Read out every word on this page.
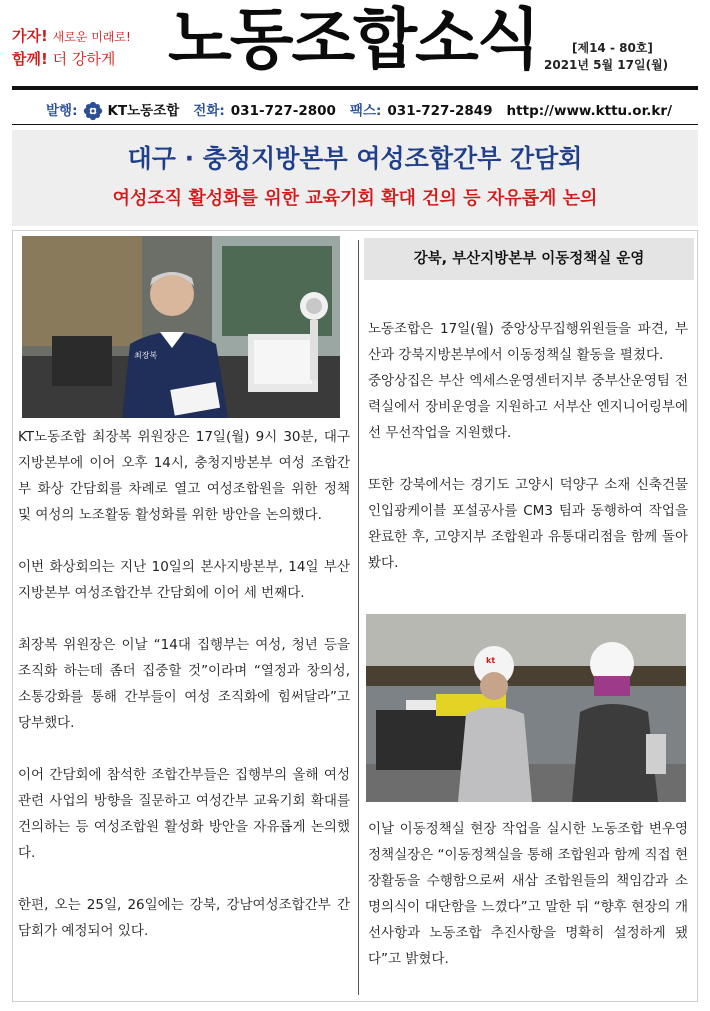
가자! 새로운 미래로!
함께! 더 강하게 노동조합소식	[제14 - 80호]
2021년 5월 17일(월)
발행: KT노동조합 전화: 031-727-2800 팩스: 031-727-2849 http://www.kttu.or.kr/
대구 · 충청지방본부 여성조합간부 간담회
여성조직 활성화를 위한 교육기회 확대 건의 등 자유롭게 논의
최장복

KT노동조합 최장복 위원장은 17일(월) 9시 30분, 대구지방본부에 이어 오후 14시, 충청지방본부 여성 조합간부 화상 간담회를 차례로 열고 여성조합원을 위한 정책 및 여성의 노조활동 활성화를 위한 방안을 논의했다.

이번 화상회의는 지난 10일의 본사지방본부, 14일 부산지방본부 여성조합간부 간담회에 이어 세 번째다.

최장복 위원장은 이날 “14대 집행부는 여성, 청년 등을 조직화 하는데 좀더 집중할 것”이라며 “열정과 창의성, 소통강화를 통해 간부들이 여성 조직화에 힘써달라”고 당부했다.

이어 간담회에 참석한 조합간부들은 집행부의 올해 여성 관련 사업의 방향을 질문하고 여성간부 교육기회 확대를 건의하는 등 여성조합원 활성화 방안을 자유롭게 논의했다.

한편, 오는 25일, 26일에는 강북, 강남여성조합간부 간담회가 예정되어 있다.

강북, 부산지방본부 이동정책실 운영

노동조합은 17일(월) 중앙상무집행위원들을 파견, 부산과 강북지방본부에서 이동정책실 활동을 펼쳤다.
중앙상집은 부산 엑세스운영센터지부 중부산운영팀 전력실에서 장비운영을 지원하고 서부산 엔지니어링부에선 무선작업을 지원했다.

또한 강북에서는 경기도 고양시 덕양구 소재 신축건물 인입광케이블 포설공사를 CM3 팀과 동행하여 작업을 완료한 후, 고양지부 조합원과 유통대리점을 함께 돌아봤다.

kt

이날 이동정책실 현장 작업을 실시한 노동조합 변우영 정책실장은 “이동정책실을 통해 조합원과 함께 직접 현장활동을 수행함으로써 새삼 조합원들의 책임감과 소명의식이 대단함을 느꼈다”고 말한 뒤 “향후 현장의 개선사항과 노동조합 추진사항을 명확히 설정하게 됐다”고 밝혔다.
